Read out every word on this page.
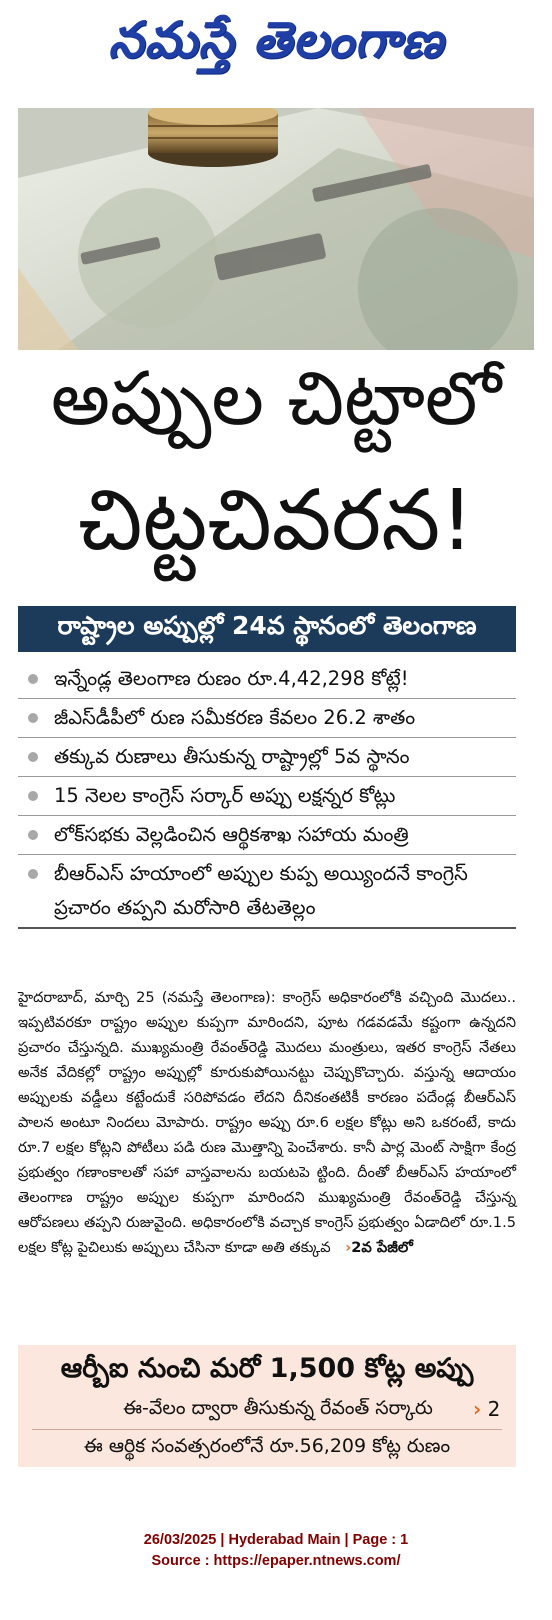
నమస్తే తెలంగాణ
అప్పుల చిట్టాలో
చిట్టచివరన!
రాష్ట్రాల అప్పుల్లో 24వ స్థానంలో తెలంగాణ
ఇన్నేండ్ల తెలంగాణ రుణం రూ.4,42,298 కోట్లే!
జీఎస్‌డీపీలో రుణ సమీకరణ కేవలం 26.2 శాతం
తక్కువ రుణాలు తీసుకున్న రాష్ట్రాల్లో 5వ స్థానం
15 నెలల కాంగ్రెస్ సర్కార్ అప్పు లక్షన్నర కోట్లు
లోక్‌సభకు వెల్లడించిన ఆర్థికశాఖ సహాయ మంత్రి
బీఆర్‌ఎస్ హయాంలో అప్పుల కుప్ప అయ్యిందనే కాంగ్రెస్ ప్రచారం తప్పని మరోసారి తేటతెల్లం

హైదరాబాద్, మార్చి 25 (నమస్తే తెలంగాణ): కాంగ్రెస్ అధికారంలోకి వచ్చింది మొదలు.. ఇప్పటివరకూ రాష్ట్రం అప్పుల కుప్పగా మారిందని, పూట గడవడమే కష్టంగా ఉన్నదని ప్రచారం చేస్తున్నది. ముఖ్యమంత్రి రేవంత్‌రెడ్డి మొదలు మంత్రులు, ఇతర కాంగ్రెస్ నేతలు అనేక వేదికల్లో రాష్ట్రం అప్పుల్లో కూరుకుపోయినట్టు చెప్పుకొచ్చారు. వస్తున్న ఆదాయం అప్పులకు వడ్డీలు కట్టేందుకే సరిపోవడం లేదని దీనికంతటికీ కారణం పదేండ్ల బీఆర్‌ఎస్ పాలన అంటూ నిందలు మోపారు. రాష్ట్రం అప్పు రూ.6 లక్షల కోట్లు అని ఒకరంటే, కాదు రూ.7 లక్షల కోట్లని పోటీలు పడి రుణ మొత్తాన్ని పెంచేశారు. కానీ పార్ల మెంట్ సాక్షిగా కేంద్ర ప్రభుత్వం గణాంకాలతో సహా వాస్తవాలను బయటపె ట్టింది. దీంతో బీఆర్‌ఎస్ హయాంలో తెలంగాణ రాష్ట్రం అప్పుల కుప్పగా మారిందని ముఖ్యమంత్రి రేవంత్‌రెడ్డి చేస్తున్న ఆరోపణలు తప్పని రుజువైంది. అధికారంలోకి వచ్చాక కాంగ్రెస్ ప్రభుత్వం ఏడాదిలో రూ.1.5 లక్షల కోట్ల పైచిలుకు అప్పులు చేసినా కూడా అతి తక్కువ ›2వ పేజీలో

ఆర్బీఐ నుంచి మరో 1,500 కోట్ల అప్పు
ఈ-వేలం ద్వారా తీసుకున్న రేవంత్ సర్కారు	› 2
ఈ ఆర్థిక సంవత్సరంలోనే రూ.56,209 కోట్ల రుణం
26/03/2025 | Hyderabad Main | Page : 1
Source : https://epaper.ntnews.com/
